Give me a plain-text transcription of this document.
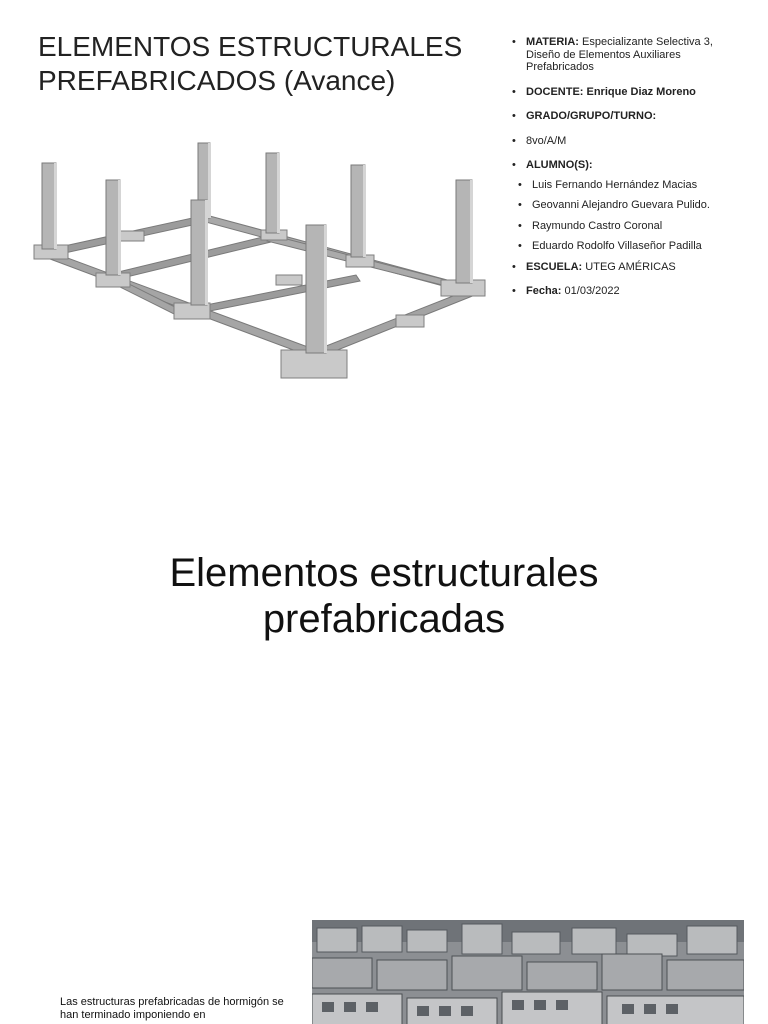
ELEMENTOS ESTRUCTURALES PREFABRICADOS (Avance)
• MATERIA: Especializante Selectiva 3, Diseño de Elementos Auxiliares Prefabricados
• DOCENTE: Enrique Diaz Moreno
• GRADO/GRUPO/TURNO:
• 8vo/A/M
• ALUMNO(S):
• Luis Fernando Hernández Macias
• Geovanni Alejandro Guevara Pulido.
• Raymundo Castro Coronal
• Eduardo Rodolfo Villaseñor Padilla
• ESCUELA: UTEG AMÉRICAS
• Fecha: 01/03/2022
Elementos estructurales
prefabricadas

Las estructuras prefabricadas de hormigón se han terminado imponiendo en
